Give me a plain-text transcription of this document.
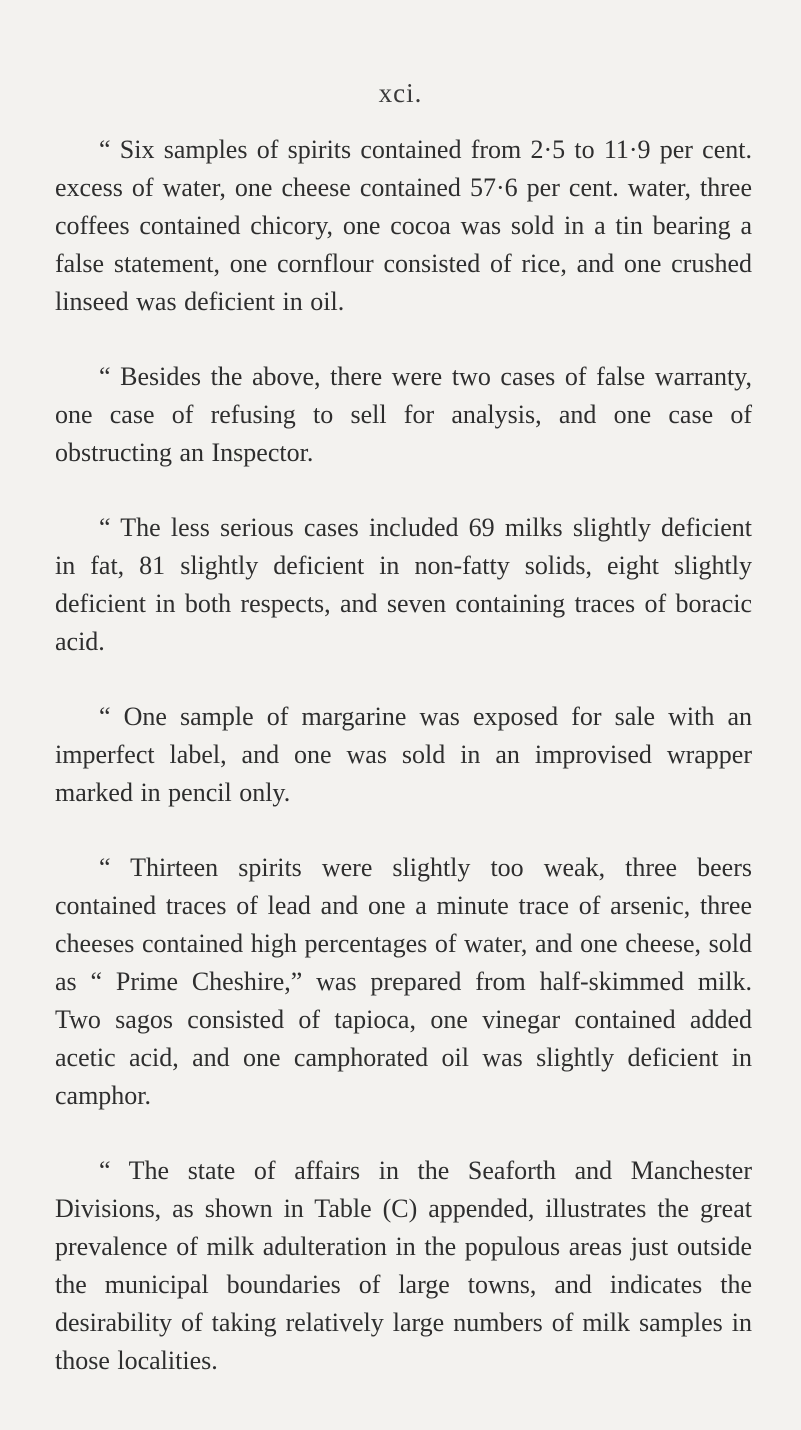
xci.

“ Six samples of spirits contained from 2·5 to 11·9 per cent. excess of water, one cheese contained 57·6 per cent. water, three coffees contained chicory, one cocoa was sold in a tin bearing a false statement, one cornflour consisted of rice, and one crushed linseed was deficient in oil.

“ Besides the above, there were two cases of false warranty, one case of refusing to sell for analysis, and one case of obstructing an Inspector.

“ The less serious cases included 69 milks slightly deficient in fat, 81 slightly deficient in non-fatty solids, eight slightly deficient in both respects, and seven containing traces of boracic acid.

“ One sample of margarine was exposed for sale with an imperfect label, and one was sold in an improvised wrapper marked in pencil only.

“ Thirteen spirits were slightly too weak, three beers contained traces of lead and one a minute trace of arsenic, three cheeses contained high percentages of water, and one cheese, sold as “ Prime Cheshire,” was prepared from half-skimmed milk. Two sagos consisted of tapioca, one vinegar contained added acetic acid, and one camphorated oil was slightly deficient in camphor.

“ The state of affairs in the Seaforth and Manchester Divisions, as shown in Table (C) appended, illustrates the great prevalence of milk adulteration in the populous areas just outside the municipal boundaries of large towns, and indicates the desirability of taking relatively large numbers of milk samples in those localities.
